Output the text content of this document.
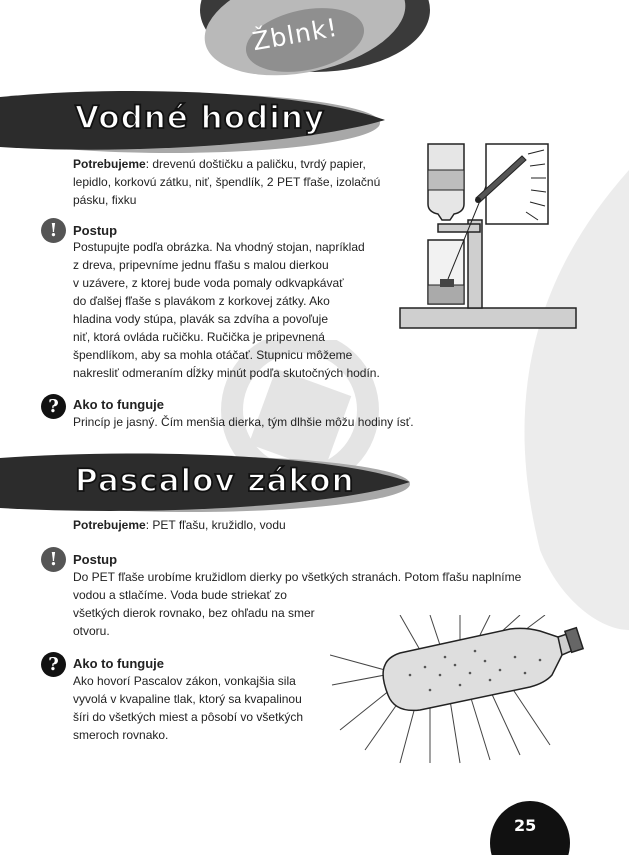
Žblnk!
Vodné hodiny
Potrebujeme: drevenú doštičku a paličku, tvrdý papier, lepidlo, korkovú zátku, niť, špendlík, 2 PET fľaše, izolačnú pásku, fixku
!	Postup

Postupujte podľa obrázka. Na vhodný stojan, napríklad

z dreva, pripevníme jednu fľašu s malou dierkou

v uzávere, z ktorej bude voda pomaly odkvapkávať

do ďalšej fľaše s plavákom z korkovej zátky. Ako

hladina vody stúpa, plavák sa zdvíha a povoľuje

niť, ktorá ovláda ručičku. Ručička je pripevnená

špendlíkom, aby sa mohla otáčať. Stupnicu môžeme

nakresliť odmeraním dĺžky minút podľa skutočných hodín.

?	Ako to funguje
Princíp je jasný. Čím menšia dierka, tým dlhšie môžu hodiny ísť.
Pascalov zákon
Potrebujeme: PET fľašu, kružidlo, vodu
!	Postup

Do PET fľaše urobíme kružidlom dierky po všetkých stranách. Potom fľašu naplníme

vodou a stlačíme. Voda bude striekať zo

všetkých dierok rovnako, bez ohľadu na smer

otvoru.

?	Ako to funguje

Ako hovorí Pascalov zákon, vonkajšia sila

vyvolá v kvapaline tlak, ktorý sa kvapalinou

šíri do všetkých miest a pôsobí vo všetkých

smeroch rovnako.

25
